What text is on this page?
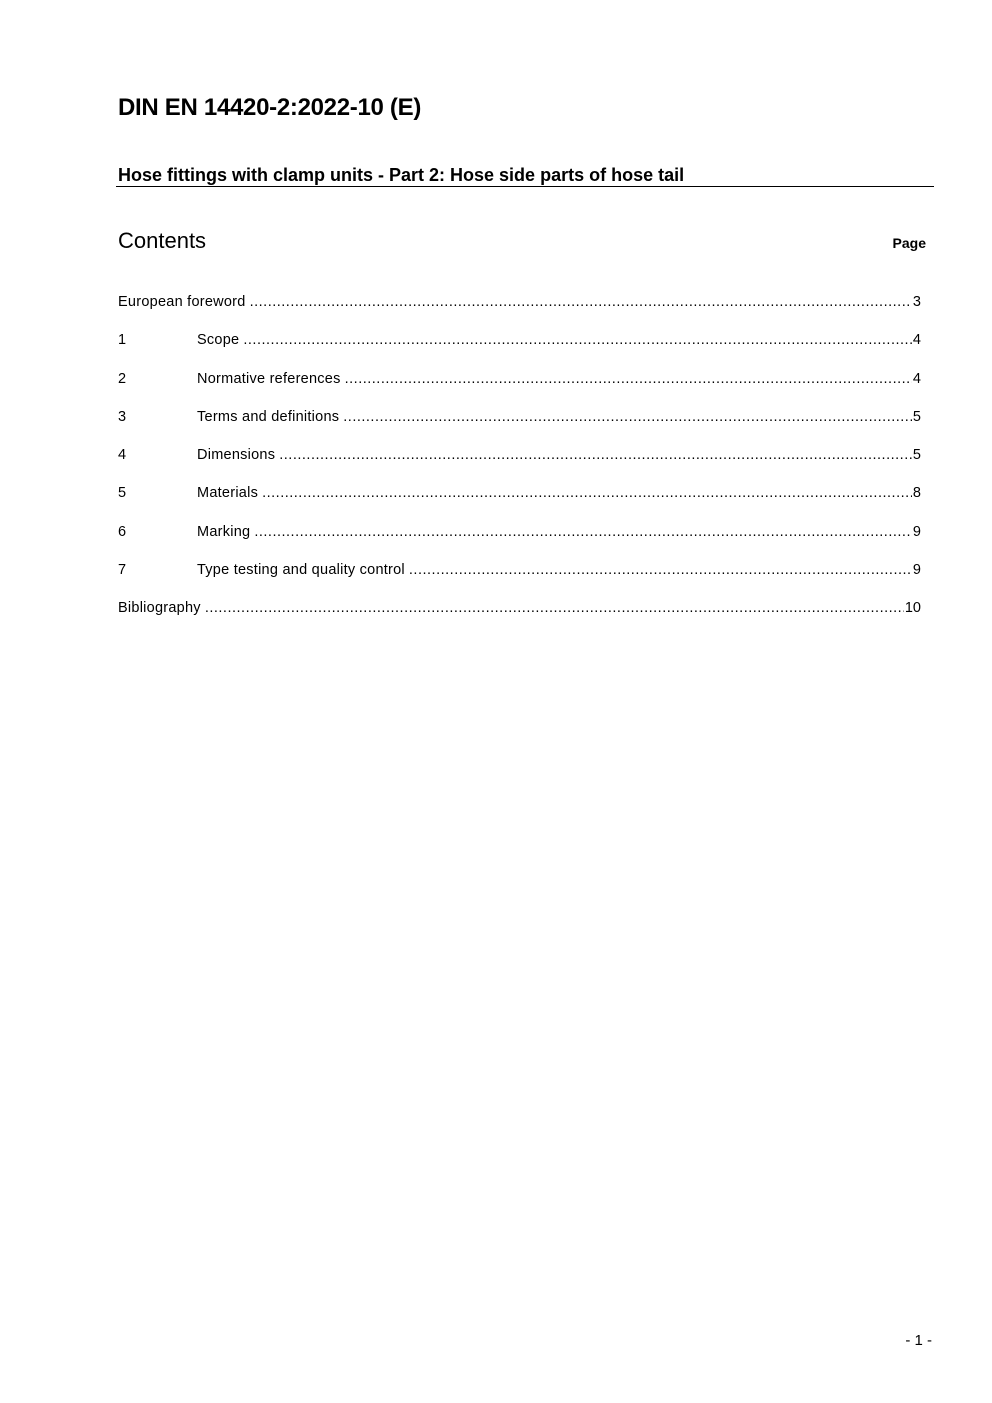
DIN EN 14420-2:2022-10 (E)
Hose fittings with clamp units - Part 2: Hose side parts of hose tail
Contents	Page
European foreword .....	3
1	Scope .....	4
2	Normative references .....	4
3	Terms and definitions .....	5
4	Dimensions .....	5
5	Materials .....	8
6	Marking .....	9
7	Type testing and quality control .....	9
Bibliography .....	10
- 1 -
